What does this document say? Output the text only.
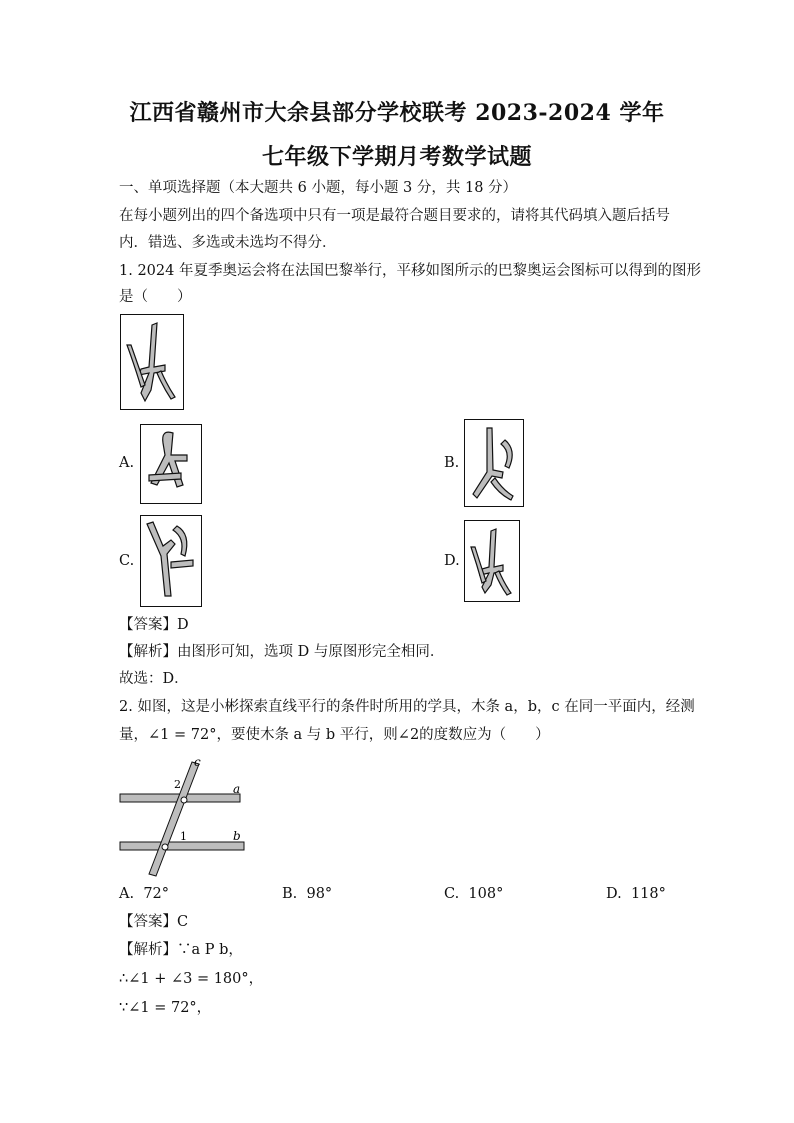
江西省赣州市大余县部分学校联考 2023-2024 学年
七年级下学期月考数学试题
一、单项选择题（本大题共 6 小题，每小题 3 分，共 18 分）
在每小题列出的四个备选项中只有一项是最符合题目要求的，请将其代码填入题后括号
内．错选、多选或未选均不得分．
1. 2024 年夏季奥运会将在法国巴黎举行，平移如图所示的巴黎奥运会图标可以得到的图形
是（　　）
A.	B.
C.	D.
【答案】D
【解析】由图形可知，选项 D 与原图形完全相同．
故选：D．
2. 如图，这是小彬探索直线平行的条件时所用的学具，木条 a，b，c 在同一平面内，经测
量，∠1 = 72°，要使木条 a 与 b 平行，则∠2的度数应为（　　）
c
a
b
2
1
A. 72°	B. 98°	C. 108°	D. 118°
【答案】C
【解析】∵a P b，
∴∠1 + ∠3 = 180°，
∵∠1 = 72°，
